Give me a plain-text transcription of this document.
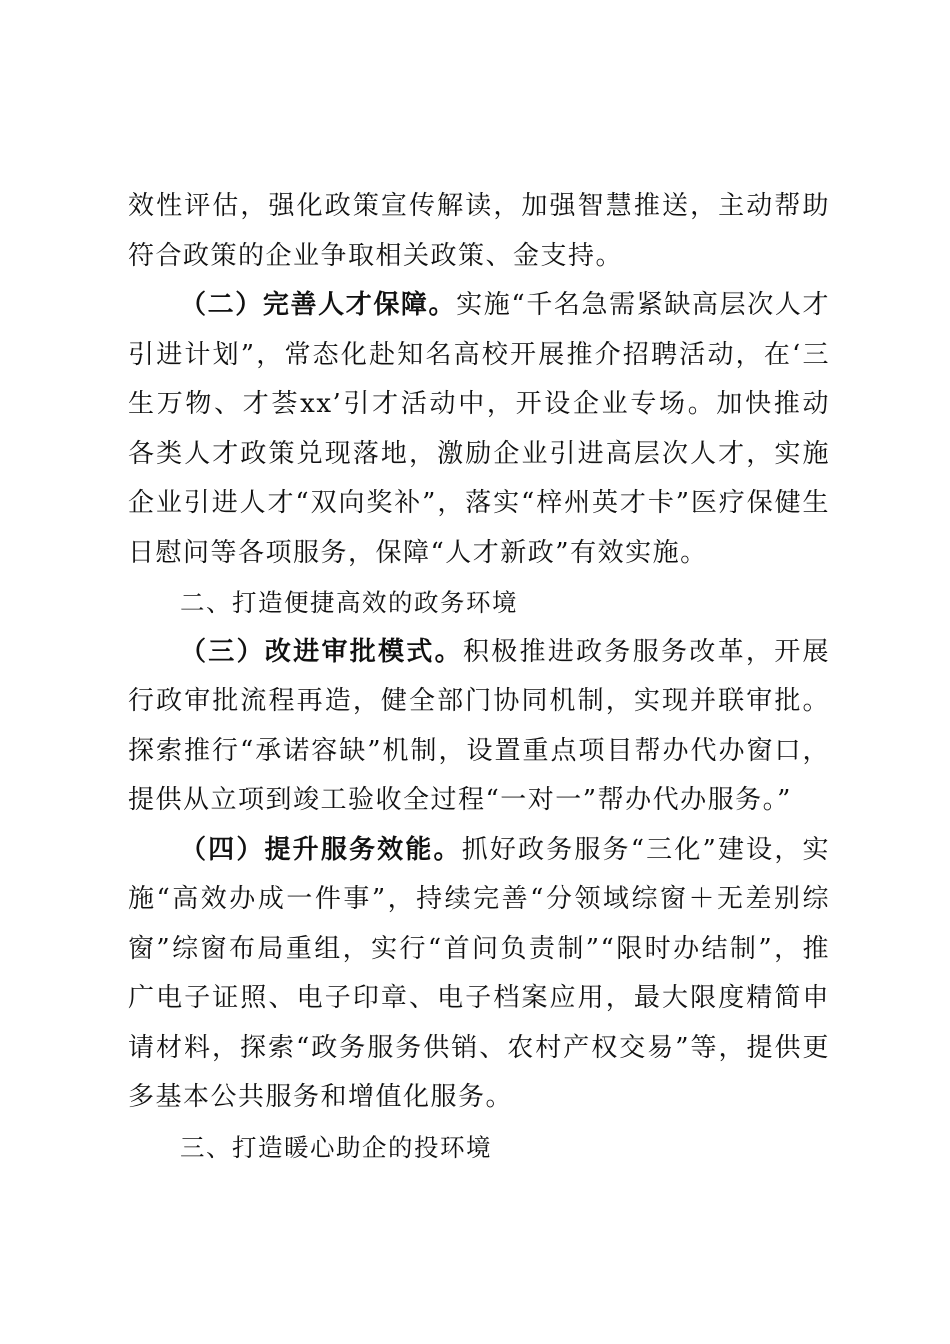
效性评估，强化政策宣传解读，加强智慧推送，主动帮助符合政策的企业争取相关政策、金支持。

（二）完善人才保障。实施“千名急需紧缺高层次人才引进计划”，常态化赴知名高校开展推介招聘活动，在‘三生万物、才荟xx’引才活动中，开设企业专场。加快推动各类人才政策兑现落地，激励企业引进高层次人才，实施企业引进人才“双向奖补”，落实“梓州英才卡”医疗保健生日慰问等各项服务，保障“人才新政”有效实施。

二、打造便捷高效的政务环境

（三）改进审批模式。积极推进政务服务改革，开展行政审批流程再造，健全部门协同机制，实现并联审批。探索推行“承诺容缺”机制，设置重点项目帮办代办窗口，提供从立项到竣工验收全过程“一对一”帮办代办服务。”

（四）提升服务效能。抓好政务服务“三化”建设，实施“高效办成一件事”，持续完善“分领域综窗＋无差别综窗”综窗布局重组，实行“首问负责制”“限时办结制”，推广电子证照、电子印章、电子档案应用，最大限度精简申请材料，探索“政务服务供销、农村产权交易”等，提供更多基本公共服务和增值化服务。

三、打造暖心助企的投环境
